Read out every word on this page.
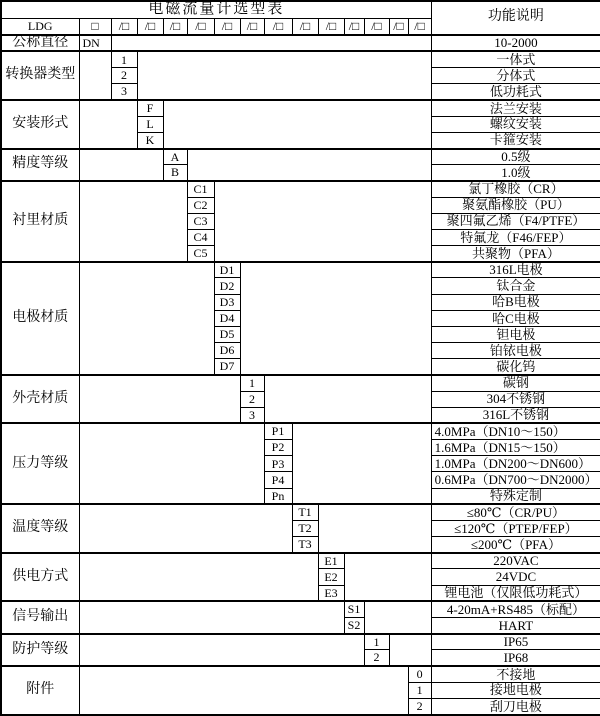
电磁流量计选型表															功能说明
LDG	□	/□	/□	/□	/□	/□	/□	/□	/□	/□	/□	/□	/□	/□	
公称直径	DN														10-2000
转换器类型		1													一体式
		2													分体式
		3													低功耗式
安装形式			F												法兰安装
			L												螺纹安装
			K												卡箍安装
精度等级				A											0.5级
				B											1.0级
衬里材质					C1										氯丁橡胶（CR）
					C2										聚氨酯橡胶（PU）
					C3										聚四氟乙烯（F4/PTFE）
					C4										特氟龙（F46/FEP）
					C5										共聚物（PFA）
电极材质						D1									316L电极
						D2									钛合金
						D3									哈B电极
						D4									哈C电极
						D5									钽电极
						D6									铂铱电极
						D7									碳化钨
外壳材质							1								碳钢
							2								304不锈钢
							3								316L不锈钢
压力等级								P1							4.0MPa（DN10～150）
								P2							1.6MPa（DN15～150）
								P3							1.0MPa（DN200～DN600）
								P4							0.6MPa（DN700～DN2000）
								Pn							特殊定制
温度等级									T1						≤80℃（CR/PU）
									T2						≤120℃（PTEP/FEP）
									T3						≤200℃（PFA）
供电方式										E1					220VAC
										E2					24VDC
										E3					锂电池（仅限低功耗式）
信号输出											S1				4-20mA+RS485（标配）
											S2				HART
防护等级												1			IP65
												2			IP68
附件														0	不接地
														1	接地电极
														2	刮刀电极
